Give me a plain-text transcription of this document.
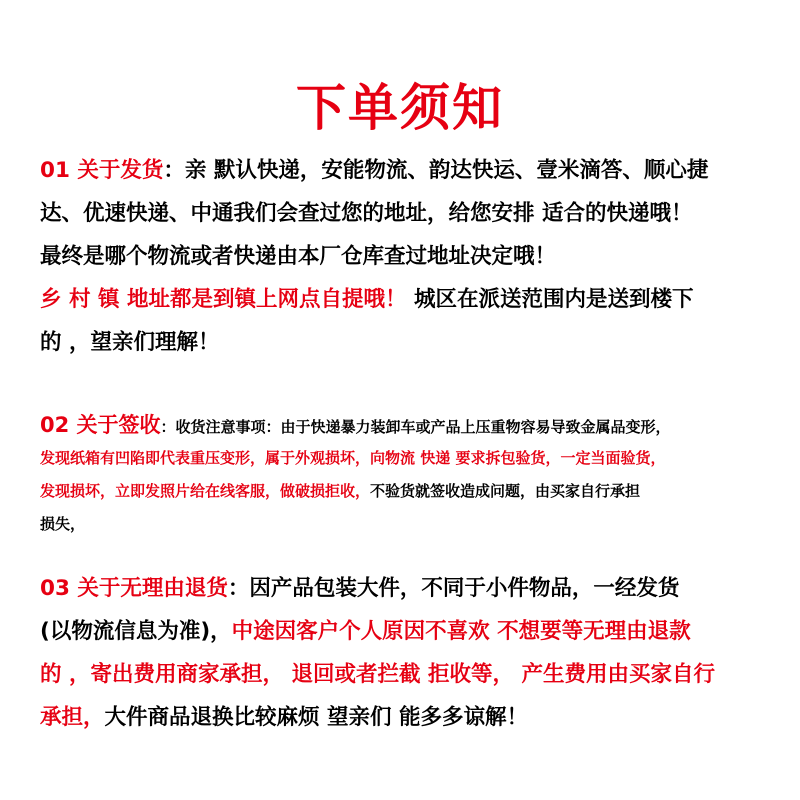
下单须知
01 关于发货：亲 默认快递，安能物流、韵达快运、壹米滴答、顺心捷
达、优速快递、中通我们会查过您的地址，给您安排 适合的快递哦！
最终是哪个物流或者快递由本厂仓库查过地址决定哦！
乡 村 镇 地址都是到镇上网点自提哦！ 城区在派送范围内是送到楼下
的 ，望亲们理解！
02 关于签收：收货注意事项：由于快递暴力装卸车或产品上压重物容易导致金属品变形，
发现纸箱有凹陷即代表重压变形，属于外观损坏，向物流 快递 要求拆包验货，一定当面验货，
发现损坏，立即发照片给在线客服，做破损拒收，不验货就签收造成问题，由买家自行承担
损失，
03 关于无理由退货：因产品包装大件，不同于小件物品，一经发货
(以物流信息为准)，中途因客户个人原因不喜欢 不想要等无理由退款
的 ，寄出费用商家承担， 退回或者拦截 拒收等， 产生费用由买家自行
承担，大件商品退换比较麻烦 望亲们 能多多谅解！
